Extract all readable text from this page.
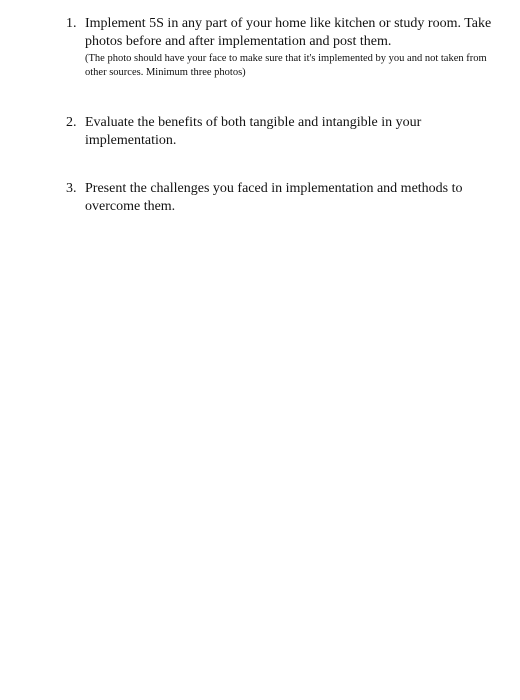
1. Implement 5S in any part of your home like kitchen or study room. Take photos before and after implementation and post them.
(The photo should have your face to make sure that it's implemented by you and not taken from other sources. Minimum three photos)
2. Evaluate the benefits of both tangible and intangible in your implementation.
3. Present the challenges you faced in implementation and methods to overcome them.
